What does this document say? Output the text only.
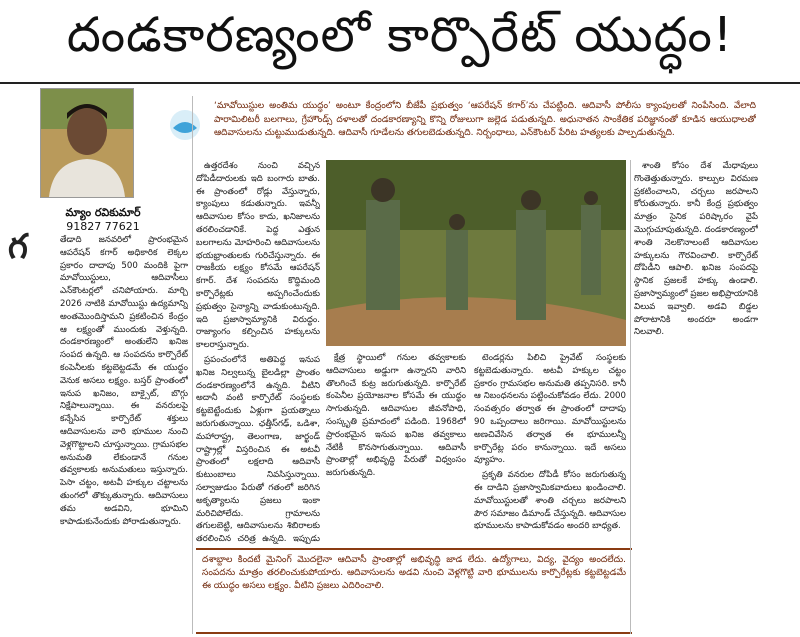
దండకారణ్యంలో కార్పొరేట్ యుద్ధం!
మ్యాం రవికుమార్
91827 77621
‘మావోయిస్టుల అంతిమ యుద్ధం’ అంటూ కేంద్రంలోని బీజేపీ ప్రభుత్వం ‘ఆపరేషన్ కగార్’ను చేపట్టింది. ఆదివాసీ పోలీసు క్యాంపులతో నింపేసింది. వేలాది పారామిలిటరీ బలగాలు, గ్రేహౌండ్స్ దళాలతో దండకారణ్యాన్ని కొన్ని రోజులుగా జల్లెడ పడుతున్నది. అధునాతన సాంకేతిక పరిజ్ఞానంతో కూడిన ఆయుధాలతో ఆదివాసులను చుట్టుముడుతున్నది. ఆదివాసీ గూడేలను తగులబెడుతున్నది. నిర్బంధాలు, ఎన్‌కౌంటర్ పేరిట హత్యలకు పాల్పడుతున్నది.
గ	తేడాది జనవరిలో ప్రారంభమైన ఆపరేషన్ కగార్ అధికారిక లెక్కల ప్రకారం దాదాపు 500 మందికి పైగా మావోయిస్టులు, ఆదివాసీలు ఎన్‌కౌంటర్లలో చనిపోయారు. మార్చి 2026 నాటికి మావోయిస్టు ఉద్యమాన్ని అంతమొందిస్తామని ప్రకటించిన కేంద్రం ఆ లక్ష్యంతో ముందుకు వెళ్తున్నది. దండకారణ్యంలో అంతులేని ఖనిజ సంపద ఉన్నది. ఆ సంపదను కార్పొరేట్ కంపెనీలకు కట్టబెట్టడమే ఈ యుద్ధం వెనుక అసలు లక్ష్యం. బస్తర్ ప్రాంతంలో ఇనుప ఖనిజం, బాక్సైట్, బొగ్గు నిక్షేపాలున్నాయి. ఈ వనరులపై కన్నేసిన కార్పొరేట్ శక్తులు ఆదివాసులను వారి భూముల నుంచి వెళ్లగొట్టాలని చూస్తున్నాయి. గ్రామసభల అనుమతి లేకుండానే గనుల తవ్వకాలకు అనుమతులు ఇస్తున్నారు. పెసా చట్టం, అటవీ హక్కుల చట్టాలను తుంగలో తొక్కుతున్నారు. ఆదివాసులు తమ అడవిని, భూమిని కాపాడుకునేందుకు పోరాడుతున్నారు.

ఉత్తరదేశం నుంచి వచ్చిన దోపిడీదారులకు ఇది బంగారు బాతు. ఈ ప్రాంతంలో రోడ్లు వేస్తున్నారు, క్యాంపులు కడుతున్నారు. ఇవన్నీ ఆదివాసుల కోసం కాదు, ఖనిజాలను తరలించడానికే. పెద్ద ఎత్తున బలగాలను మోహరించి ఆదివాసులను భయభ్రాంతులకు గురిచేస్తున్నారు. ఈ రాజకీయ లక్ష్యం కోసమే ఆపరేషన్ కగార్. దేశ సంపదను కొద్దిమంది కార్పొరేట్లకు అప్పగించేందుకు ప్రభుత్వం సైన్యాన్ని వాడుకుంటున్నది. ఇది ప్రజాస్వామ్యానికి విరుద్ధం. రాజ్యాంగం కల్పించిన హక్కులను కాలరాస్తున్నారు.

ప్రపంచంలోనే అతిపెద్ద ఇనుప ఖనిజ నిల్వలున్న బైలడిల్లా ప్రాంతం దండకారణ్యంలోనే ఉన్నది. వీటిని అదానీ వంటి కార్పొరేట్ సంస్థలకు కట్టబెట్టేందుకు ఏళ్లుగా ప్రయత్నాలు జరుగుతున్నాయి. ఛత్తీస్‌గఢ్, ఒడిశా, మహారాష్ట్ర, తెలంగాణ, జార్ఖండ్ రాష్ట్రాల్లో విస్తరించిన ఈ అటవీ ప్రాంతంలో లక్షలాది ఆదివాసీ కుటుంబాలు నివసిస్తున్నాయి. సల్వాజుడుం పేరుతో గతంలో జరిగిన అకృత్యాలను ప్రజలు ఇంకా మరిచిపోలేదు. గ్రామాలను తగులబెట్టి, ఆదివాసులను శిబిరాలకు తరలించిన చరిత్ర ఉన్నది. ఇప్పుడు

క్షేత్ర స్థాయిలో గనుల తవ్వకాలకు ఆదివాసులు అడ్డుగా ఉన్నారని వారిని తొలగించే కుట్ర జరుగుతున్నది. కార్పొరేట్ కంపెనీల ప్రయోజనాల కోసమే ఈ యుద్ధం సాగుతున్నది. ఆదివాసుల జీవనోపాధి, సంస్కృతి ప్రమాదంలో పడింది. 1968లో ప్రారంభమైన ఇనుప ఖనిజ తవ్వకాలు నేటికీ కొనసాగుతున్నాయి. ఆదివాసీ ప్రాంతాల్లో అభివృద్ధి పేరుతో విధ్వంసం జరుగుతున్నది.

టెండర్లను పిలిచి ప్రైవేట్ సంస్థలకు కట్టబెడుతున్నారు. అటవీ హక్కుల చట్టం ప్రకారం గ్రామసభల అనుమతి తప్పనిసరి. కానీ ఆ నిబంధనలను పట్టించుకోవడం లేదు. 2000 సంవత్సరం తర్వాత ఈ ప్రాంతంలో దాదాపు 90 ఒప్పందాలు జరిగాయి. మావోయిస్టులను అణచివేసిన తర్వాత ఈ భూములన్నీ కార్పొరేట్ల పరం కానున్నాయి. ఇదే అసలు వ్యూహం.

ప్రకృతి వనరుల దోపిడీ కోసం జరుగుతున్న ఈ దాడిని ప్రజాస్వామికవాదులు ఖండించాలి. మావోయిస్టులతో శాంతి చర్చలు జరపాలని పౌర సమాజం డిమాండ్ చేస్తున్నది. ఆదివాసుల భూములను కాపాడుకోవడం అందరి బాధ్యత.

దశాబ్దాల కిందటే మైనింగ్ మొదలైనా ఆదివాసీ ప్రాంతాల్లో అభివృద్ధి జాడ లేదు. ఉద్యోగాలు, విద్య, వైద్యం అందలేదు. సంపదను మాత్రం తరలించుకుపోయారు. ఆదివాసులను అడవి నుంచి వెళ్లగొట్టి వారి భూములను కార్పొరేట్లకు కట్టబెట్టడమే ఈ యుద్ధం అసలు లక్ష్యం. వీటిని ప్రజలు ఎదిరించాలి.

శాంతి కోసం దేశ మేధావులు గొంతెత్తుతున్నారు. కాల్పుల విరమణ ప్రకటించాలని, చర్చలు జరపాలని కోరుతున్నారు. కానీ కేంద్ర ప్రభుత్వం మాత్రం సైనిక పరిష్కారం వైపే మొగ్గుచూపుతున్నది. దండకారణ్యంలో శాంతి నెలకొనాలంటే ఆదివాసుల హక్కులను గౌరవించాలి. కార్పొరేట్ దోపిడీని ఆపాలి. ఖనిజ సంపదపై స్థానిక ప్రజలకే హక్కు ఉండాలి. ప్రజాస్వామ్యంలో ప్రజల అభిప్రాయానికి విలువ ఇవ్వాలి. అడవి బిడ్డల పోరాటానికి అందరూ అండగా నిలవాలి.
